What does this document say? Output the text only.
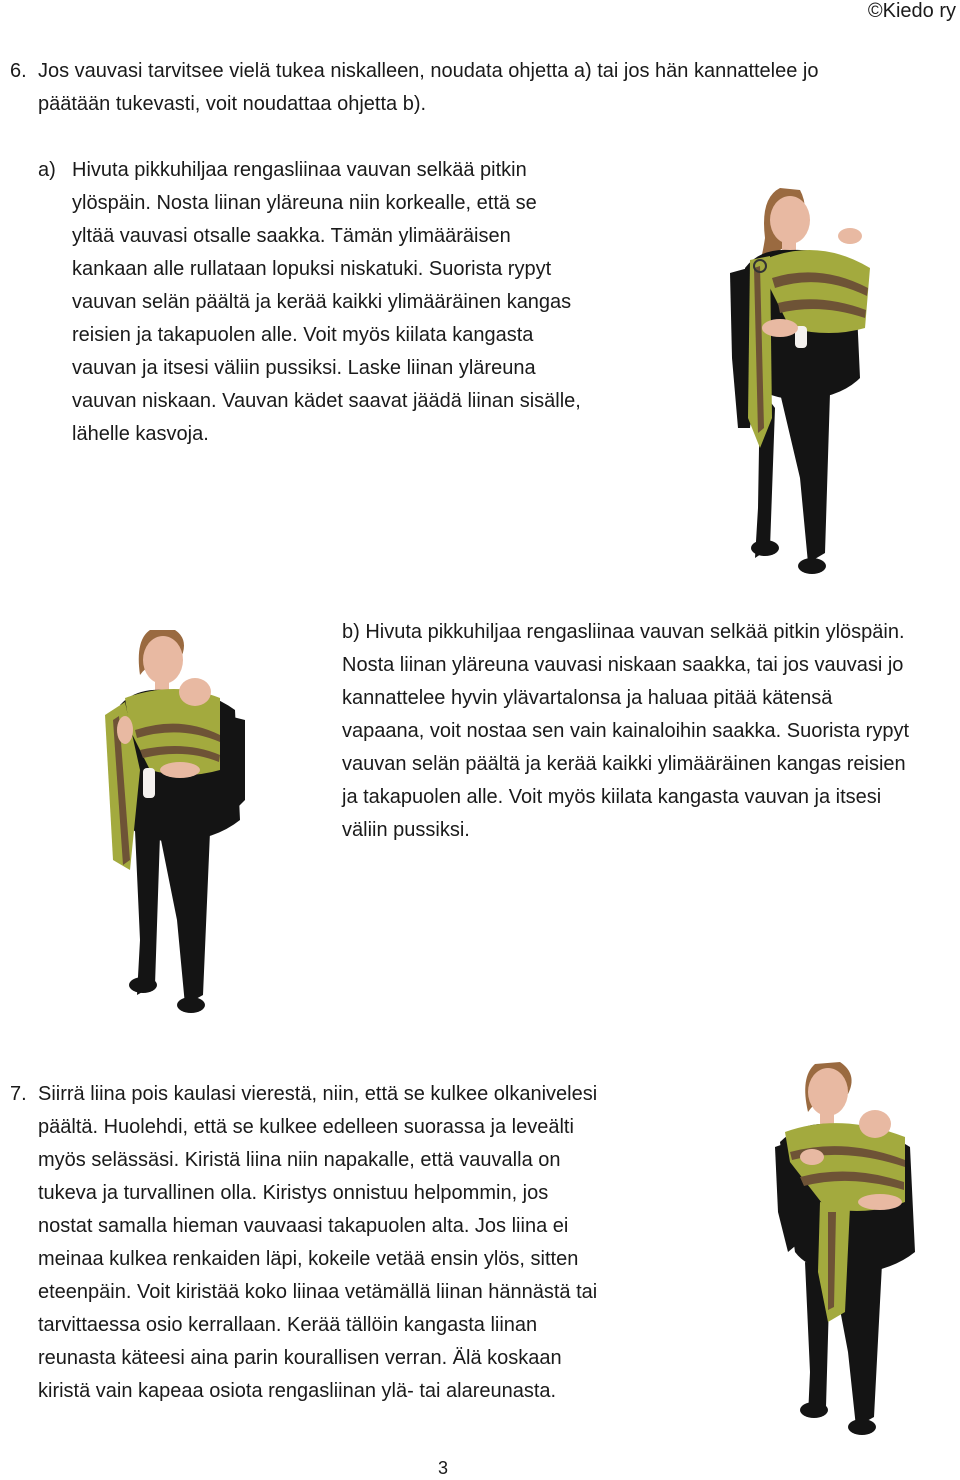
©Kiedo ry
6. Jos vauvasi tarvitsee vielä tukea niskalleen, noudata ohjetta a) tai jos hän kannattelee jo
päätään tukevasti, voit noudattaa ohjetta b).
a) Hivuta pikkuhiljaa rengasliinaa vauvan selkää pitkin
ylöspäin. Nosta liinan yläreuna niin korkealle, että se
yltää vauvasi otsalle saakka. Tämän ylimääräisen
kankaan alle rullataan lopuksi niskatuki. Suorista rypyt
vauvan selän päältä ja kerää kaikki ylimääräinen kangas
reisien ja takapuolen alle. Voit myös kiilata kangasta
vauvan ja itsesi väliin pussiksi. Laske liinan yläreuna
vauvan niskaan. Vauvan kädet saavat jäädä liinan sisälle,
lähelle kasvoja.
b) Hivuta pikkuhiljaa rengasliinaa vauvan selkää pitkin ylöspäin.
Nosta liinan yläreuna vauvasi niskaan saakka, tai jos vauvasi jo
kannattelee hyvin ylävartalonsa ja haluaa pitää kätensä
vapaana, voit nostaa sen vain kainaloihin saakka. Suorista rypyt
vauvan selän päältä ja kerää kaikki ylimääräinen kangas reisien
ja takapuolen alle. Voit myös kiilata kangasta vauvan ja itsesi
väliin pussiksi.
7. Siirrä liina pois kaulasi vierestä, niin, että se kulkee olkanivelesi
päältä. Huolehdi, että se kulkee edelleen suorassa ja leveälti
myös selässäsi. Kiristä liina niin napakalle, että vauvalla on
tukeva ja turvallinen olla. Kiristys onnistuu helpommin, jos
nostat samalla hieman vauvaasi takapuolen alta. Jos liina ei
meinaa kulkea renkaiden läpi, kokeile vetää ensin ylös, sitten
eteenpäin. Voit kiristää koko liinaa vetämällä liinan hännästä tai
tarvittaessa osio kerrallaan. Kerää tällöin kangasta liinan
reunasta käteesi aina parin kourallisen verran. Älä koskaan
kiristä vain kapeaa osiota rengasliinan ylä- tai alareunasta.
3
